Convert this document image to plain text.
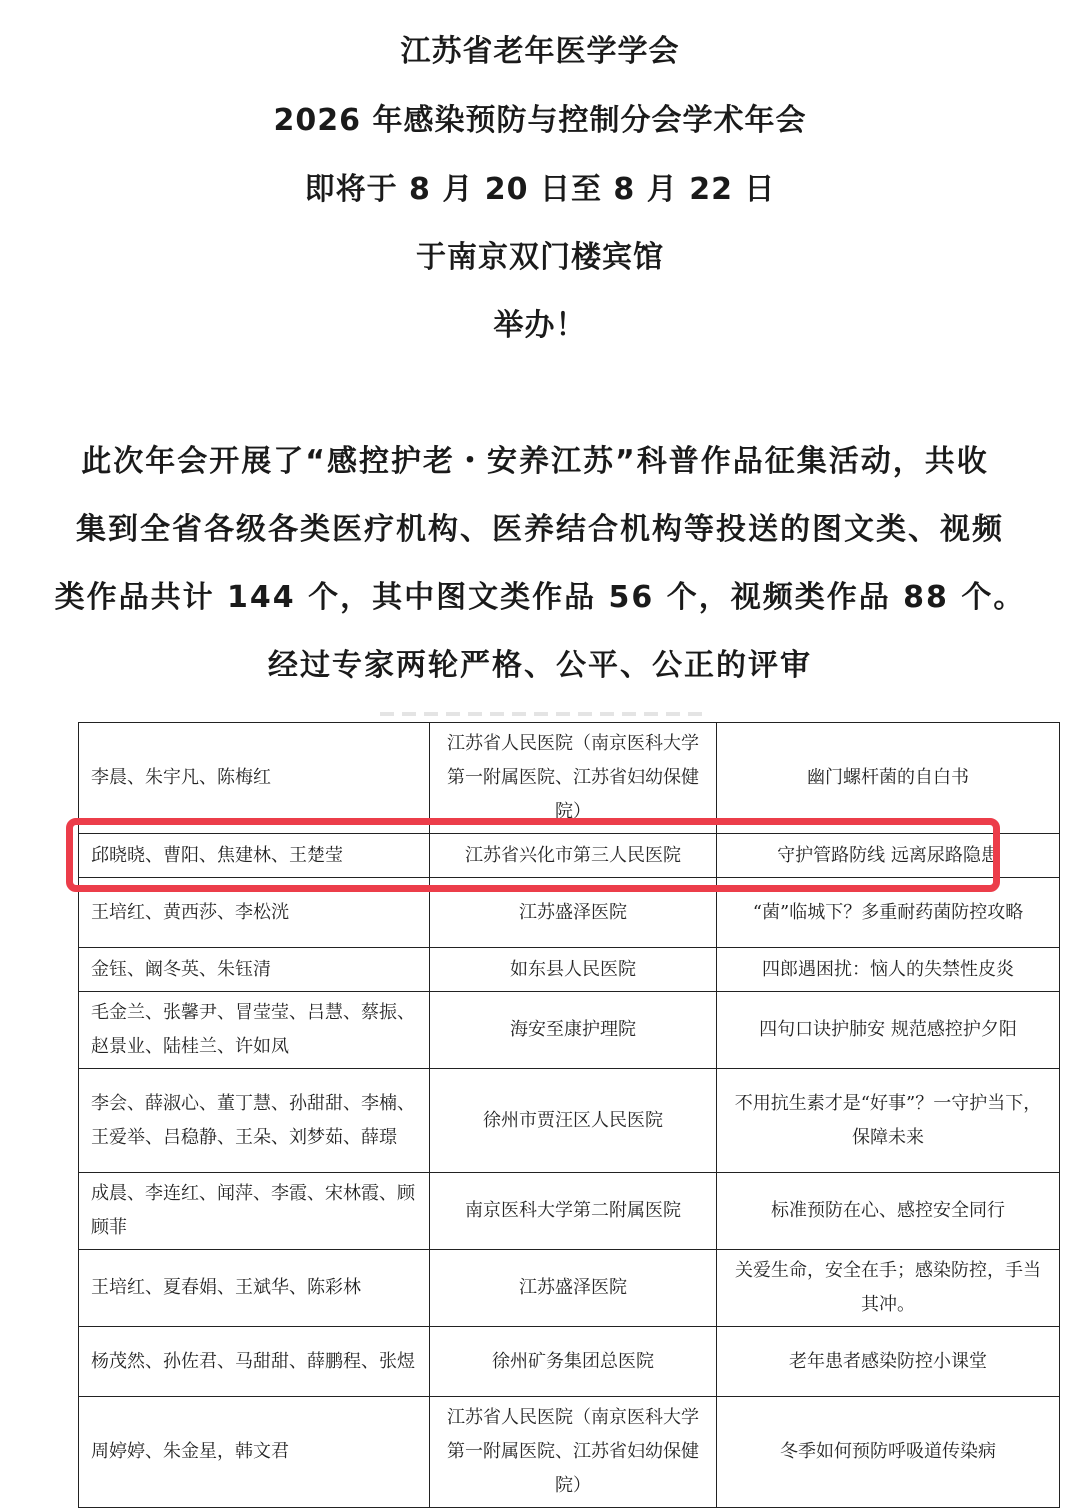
江苏省老年医学学会
2026 年感染预防与控制分会学术年会
即将于 8 月 20 日至 8 月 22 日
于南京双门楼宾馆
举办！
此次年会开展了“感控护老・安养江苏”科普作品征集活动，共收
集到全省各级各类医疗机构、医养结合机构等投送的图文类、视频
类作品共计 144 个，其中图文类作品 56 个，视频类作品 88 个。
经过专家两轮严格、公平、公正的评审
李晨、朱宇凡、陈梅红	江苏省人民医院（南京医科大学第一附属医院、江苏省妇幼保健院）	幽门螺杆菌的自白书
邱晓晓、曹阳、焦建林、王楚莹	江苏省兴化市第三人民医院	守护管路防线 远离尿路隐患
王培红、黄西莎、李松洸	江苏盛泽医院	“菌”临城下？多重耐药菌防控攻略
金钰、阚冬英、朱钰清	如东县人民医院	四郎遇困扰：恼人的失禁性皮炎
毛金兰、张馨尹、冒莹莹、吕慧、蔡振、赵景业、陆桂兰、许如凤	海安至康护理院	四句口诀护肺安 规范感控护夕阳
李会、薛淑心、董丁慧、孙甜甜、李楠、王爱举、吕稳静、王朵、刘梦茹、薛璟	徐州市贾汪区人民医院	不用抗生素才是“好事”？一守护当下，保障未来
成晨、李连红、闻萍、李霞、宋林霞、顾顾菲	南京医科大学第二附属医院	标准预防在心、感控安全同行
王培红、夏春娟、王斌华、陈彩林	江苏盛泽医院	关爱生命，安全在手；感染防控，手当其冲。
杨茂然、孙佐君、马甜甜、薛鹏程、张煜	徐州矿务集团总医院	老年患者感染防控小课堂
周婷婷、朱金星，韩文君	江苏省人民医院（南京医科大学第一附属医院、江苏省妇幼保健院）	冬季如何预防呼吸道传染病
